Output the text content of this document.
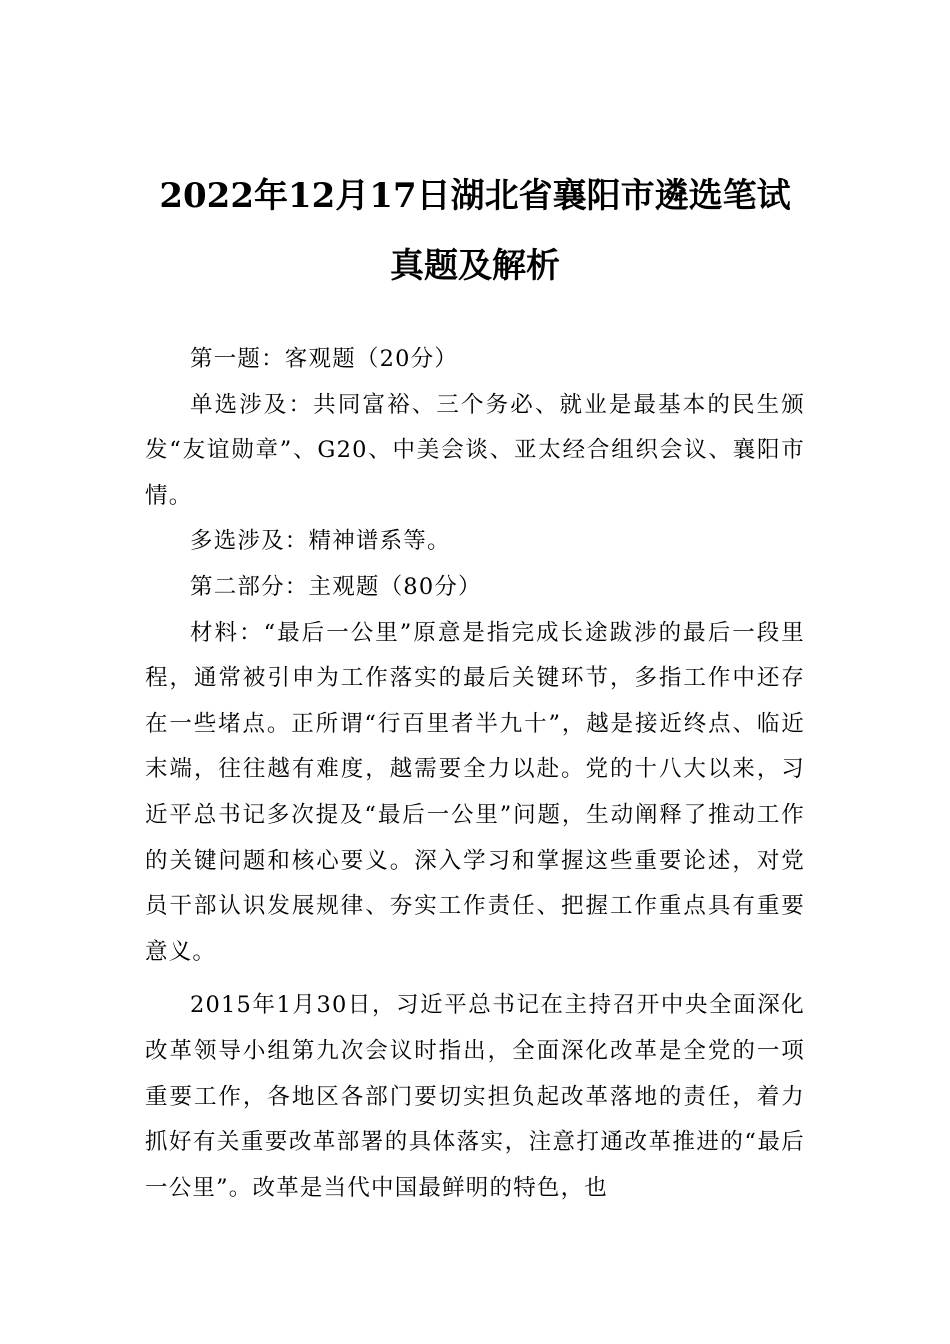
2022年12月17日湖北省襄阳市遴选笔试
真题及解析

第一题：客观题（20分）

单选涉及：共同富裕、三个务必、就业是最基本的民生颁发“友谊勋章”、G20、中美会谈、亚太经合组织会议、襄阳市情。

多选涉及：精神谱系等。

第二部分：主观题（80分）

材料：“最后一公里”原意是指完成长途跋涉的最后一段里程，通常被引申为工作落实的最后关键环节，多指工作中还存在一些堵点。正所谓“行百里者半九十”，越是接近终点、临近末端，往往越有难度，越需要全力以赴。党的十八大以来，习近平总书记多次提及“最后一公里”问题，生动阐释了推动工作的关键问题和核心要义。深入学习和掌握这些重要论述，对党员干部认识发展规律、夯实工作责任、把握工作重点具有重要意义。

2015年1月30日，习近平总书记在主持召开中央全面深化改革领导小组第九次会议时指出，全面深化改革是全党的一项重要工作，各地区各部门要切实担负起改革落地的责任，着力抓好有关重要改革部署的具体落实，注意打通改革推进的“最后一公里”。改革是当代中国最鲜明的特色，也
